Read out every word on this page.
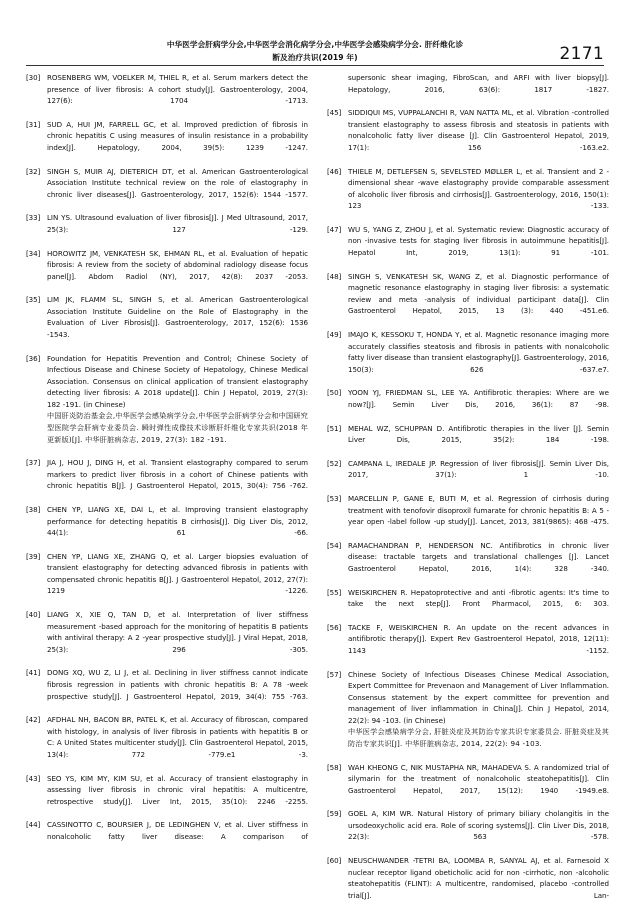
中华医学会肝病学分会,中华医学会消化病学分会,中华医学会感染病学分会. 肝纤维化诊
断及治疗共识(2019 年)	2171
[30] ROSENBERG WM, VOELKER M, THIEL R, et al. Serum markers detect the presence of liver fibrosis: A cohort study[J]. Gastroenterology, 2004, 127(6): 1704 -1713.
[31] SUD A, HUI JM, FARRELL GC, et al. Improved prediction of fibrosis in chronic hepatitis C using measures of insulin resistance in a probability index[J]. Hepatology, 2004, 39(5): 1239 -1247.
[32] SINGH S, MUIR AJ, DIETERICH DT, et al. American Gastroenterological Association Institute technical review on the role of elastography in chronic liver diseases[J]. Gastroenterology, 2017, 152(6): 1544 -1577.
[33] LIN YS. Ultrasound evaluation of liver fibrosis[J]. J Med Ultrasound, 2017, 25(3): 127 -129.
[34] HOROWITZ JM, VENKATESH SK, EHMAN RL, et al. Evaluation of hepatic fibrosis: A review from the society of abdominal radiology disease focus panel[J]. Abdom Radiol (NY), 2017, 42(8): 2037 -2053.
[35] LIM JK, FLAMM SL, SINGH S, et al. American Gastroenterological Association Institute Guideline on the Role of Elastography in the Evaluation of Liver Fibrosis[J]. Gastroenterology, 2017, 152(6): 1536 -1543.
[36] Foundation for Hepatitis Prevention and Control; Chinese Society of Infectious Disease and Chinese Society of Hepatology, Chinese Medical Association. Consensus on clinical application of transient elastography detecting liver fibrosis: A 2018 update[J]. Chin J Hepatol, 2019, 27(3): 182 -191. (in Chinese)
中国肝炎防治基金会,中华医学会感染病学分会,中华医学会肝病学分会和中国研究型医院学会肝病专业委员会. 瞬时弹性成像技术诊断肝纤维化专家共识(2018 年更新版)[J]. 中华肝脏病杂志, 2019, 27(3): 182 -191.
[37] JIA J, HOU J, DING H, et al. Transient elastography compared to serum markers to predict liver fibrosis in a cohort of Chinese patients with chronic hepatitis B[J]. J Gastroenterol Hepatol, 2015, 30(4): 756 -762.
[38] CHEN YP, LIANG XE, DAI L, et al. Improving transient elastography performance for detecting hepatitis B cirrhosis[J]. Dig Liver Dis, 2012, 44(1): 61 -66.
[39] CHEN YP, LIANG XE, ZHANG Q, et al. Larger biopsies evaluation of transient elastography for detecting advanced fibrosis in patients with compensated chronic hepatitis B[J]. J Gastroenterol Hepatol, 2012, 27(7): 1219 -1226.
[40] LIANG X, XIE Q, TAN D, et al. Interpretation of liver stiffness measurement -based approach for the monitoring of hepatitis B patients with antiviral therapy: A 2 -year prospective study[J]. J Viral Hepat, 2018, 25(3): 296 -305.
[41] DONG XQ, WU Z, LI J, et al. Declining in liver stiffness cannot indicate fibrosis regression in patients with chronic hepatitis B: A 78 -week prospective study[J]. J Gastroenterol Hepatol, 2019, 34(4): 755 -763.
[42] AFDHAL NH, BACON BR, PATEL K, et al. Accuracy of fibroscan, compared with histology, in analysis of liver fibrosis in patients with hepatitis B or C: A United States multicenter study[J]. Clin Gastroenterol Hepatol, 2015, 13(4): 772 -779.e1 -3.
[43] SEO YS, KIM MY, KIM SU, et al. Accuracy of transient elastography in assessing liver fibrosis in chronic viral hepatitis: A multicentre, retrospective study[J]. Liver Int, 2015, 35(10): 2246 -2255.
[44] CASSINOTTO C, BOURSIER J, DE LEDINGHEN V, et al. Liver stiffness in nonalcoholic fatty liver disease: A comparison of
supersonic shear imaging, FibroScan, and ARFI with liver biopsy[J]. Hepatology, 2016, 63(6): 1817 -1827.
[45] SIDDIQUI MS, VUPPALANCHI R, VAN NATTA ML, et al. Vibration -controlled transient elastography to assess fibrosis and steatosis in patients with nonalcoholic fatty liver disease [J]. Clin Gastroenterol Hepatol, 2019, 17(1): 156 -163.e2.
[46] THIELE M, DETLEFSEN S, SEVELSTED MØLLER L, et al. Transient and 2 -dimensional shear -wave elastography provide comparable assessment of alcoholic liver fibrosis and cirrhosis[J]. Gastroenterology, 2016, 150(1): 123 -133.
[47] WU S, YANG Z, ZHOU J, et al. Systematic review: Diagnostic accuracy of non -invasive tests for staging liver fibrosis in autoimmune hepatitis[J]. Hepatol Int, 2019, 13(1): 91 -101.
[48] SINGH S, VENKATESH SK, WANG Z, et al. Diagnostic performance of magnetic resonance elastography in staging liver fibrosis: a systematic review and meta -analysis of individual participant data[J]. Clin Gastroenterol Hepatol, 2015, 13 (3): 440 -451.e6.
[49] IMAJO K, KESSOKU T, HONDA Y, et al. Magnetic resonance imaging more accurately classifies steatosis and fibrosis in patients with nonalcoholic fatty liver disease than transient elastography[J]. Gastroenterology, 2016, 150(3): 626 -637.e7.
[50] YOON YJ, FRIEDMAN SL, LEE YA. Antifibrotic therapies: Where are we now?[J]. Semin Liver Dis, 2016, 36(1): 87 -98.
[51] MEHAL WZ, SCHUPPAN D. Antifibrotic therapies in the liver [J]. Semin Liver Dis, 2015, 35(2): 184 -198.
[52] CAMPANA L, IREDALE JP. Regression of liver fibrosis[J]. Semin Liver Dis, 2017, 37(1): 1 -10.
[53] MARCELLIN P, GANE E, BUTI M, et al. Regression of cirrhosis during treatment with tenofovir disoproxil fumarate for chronic hepatitis B: A 5 -year open -label follow -up study[J]. Lancet, 2013, 381(9865): 468 -475.
[54] RAMACHANDRAN P, HENDERSON NC. Antifibrotics in chronic liver disease: tractable targets and translational challenges [J]. Lancet Gastroenterol Hepatol, 2016, 1(4): 328 -340.
[55] WEISKIRCHEN R. Hepatoprotective and anti -fibrotic agents: It's time to take the next step[J]. Front Pharmacol, 2015, 6: 303.
[56] TACKE F, WEISKIRCHEN R. An update on the recent advances in antifibrotic therapy[J]. Expert Rev Gastroenterol Hepatol, 2018, 12(11): 1143 -1152.
[57] Chinese Society of Infectious Diseases Chinese Medical Association, Expert Committee for Prevenaon and Management of Liver Inflammation. Consensus statement by the expert committee for prevention and management of liver inflammation in China[J]. Chin J Hepatol, 2014, 22(2): 94 -103. (in Chinese)
中华医学会感染病学分会, 肝脏炎症及其防治专家共识专家委员会. 肝脏炎症及其防治专家共识[J]. 中华肝脏病杂志, 2014, 22(2): 94 -103.
[58] WAH KHEONG C, NIK MUSTAPHA NR, MAHADEVA S. A randomized trial of silymarin for the treatment of nonalcoholic steatohepatitis[J]. Clin Gastroenterol Hepatol, 2017, 15(12): 1940 -1949.e8.
[59] GOEL A, KIM WR. Natural History of primary biliary cholangitis in the ursodeoxycholic acid era. Role of scoring systems[J]. Clin Liver Dis, 2018, 22(3): 563 -578.
[60] NEUSCHWANDER -TETRI BA, LOOMBA R, SANYAL AJ, et al. Farnesoid X nuclear receptor ligand obeticholic acid for non -cirrhotic, non -alcoholic steatohepatitis (FLINT): A multicentre, randomised, placebo -controlled trial[J]. Lan-
